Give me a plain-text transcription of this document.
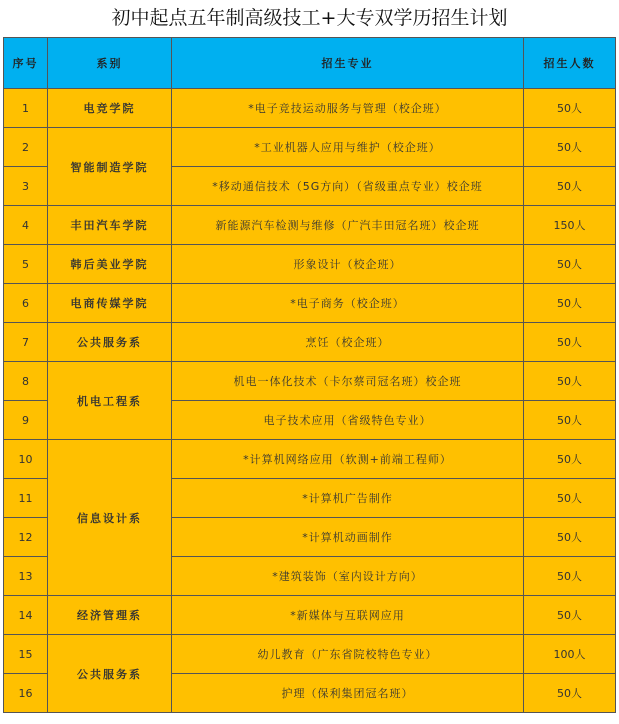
初中起点五年制高级技工+大专双学历招生计划
序号	系别	招生专业	招生人数
1	电竞学院	*电子竞技运动服务与管理（校企班）	50人
2	智能制造学院	*工业机器人应用与维护（校企班）	50人
3		*移动通信技术（5G方向）（省级重点专业）校企班	50人
4	丰田汽车学院	新能源汽车检测与维修（广汽丰田冠名班）校企班	150人
5	韩后美业学院	形象设计（校企班）	50人
6	电商传媒学院	*电子商务（校企班）	50人
7	公共服务系	烹饪（校企班）	50人
8	机电工程系	机电一体化技术（卡尔蔡司冠名班）校企班	50人
9		电子技术应用（省级特色专业）	50人
10	信息设计系	*计算机网络应用（软测+前端工程师）	50人
11		*计算机广告制作	50人
12		*计算机动画制作	50人
13		*建筑装饰（室内设计方向）	50人
14	经济管理系	*新媒体与互联网应用	50人
15	公共服务系	幼儿教育（广东省院校特色专业）	100人
16		护理（保利集团冠名班）	50人
